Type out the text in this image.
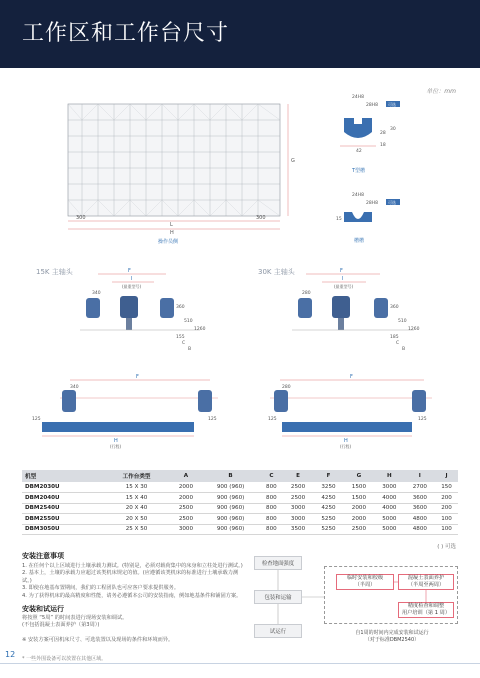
工作区和工作台尺寸
单位：mm
G
300
L
300
H
操作员侧
24H8
28H8	可选
42
28
30
18
T型槽
24H8
28H8	可选
15
槽槽
15K 主轴头	F
I
(最重型号)
340
360
510
1260
155
C
B
30K 主轴头	F
I
(最重型号)
280
360
510
1260
185
C
B
F
340
125
H
(行程)
125
F
280
125
H
(行程)
125
机型	工作台类型	A	B	C	E	F	G	H	I	J
DBM2030U	15 X 30	2000	900 (960)	800	2500	3250	1500	3000	2700	150
DBM2040U	15 X 40	2000	900 (960)	800	2500	4250	1500	4000	3600	200
DBM2540U	20 X 40	2500	900 (960)	800	3000	4250	2000	4000	3600	200
DBM2550U	20 X 50	2500	900 (960)	800	3000	5250	2000	5000	4800	100
DBM3050U	25 X 50	3000	900 (960)	800	3500	5250	2500	5000	4800	100
( ) 可选
安装注意事项
1. 在任何个以上区域进行土壤承载力测试。(特别是，必须对载荷集中的床身和立柱处进行测试。)
2. 基本上，土壤的承载力应超过该类机床规定的值。(应遵循该类机床的标准进行土壤承载力测试。)
3. 即使在地基布置期间，我们的工程团队也可应客户要求提供服务。
4. 为了获得机床的最高精度和性能，请务必遵循本公司的安装指南，例如地基条件和铺固方案。
安装和试运行
将按照 “5周” 的时间表进行现场安装和调试。
(不包括混凝土表面养护（第3周）)
※ 安装方案可因机床尺寸、可选装置以及现场的条件和环境而异。
检查地面强度
包装和运输
试运行
临时安装和校级
（半周）
混凝土表面养护
（半周至两周）
精度检查和调整
用户培训（第 1 周）
自1周的时间内完成安装和试运行
（对于标准DBM2540）
12 * 一些外围设备可以放置在其他区域。
